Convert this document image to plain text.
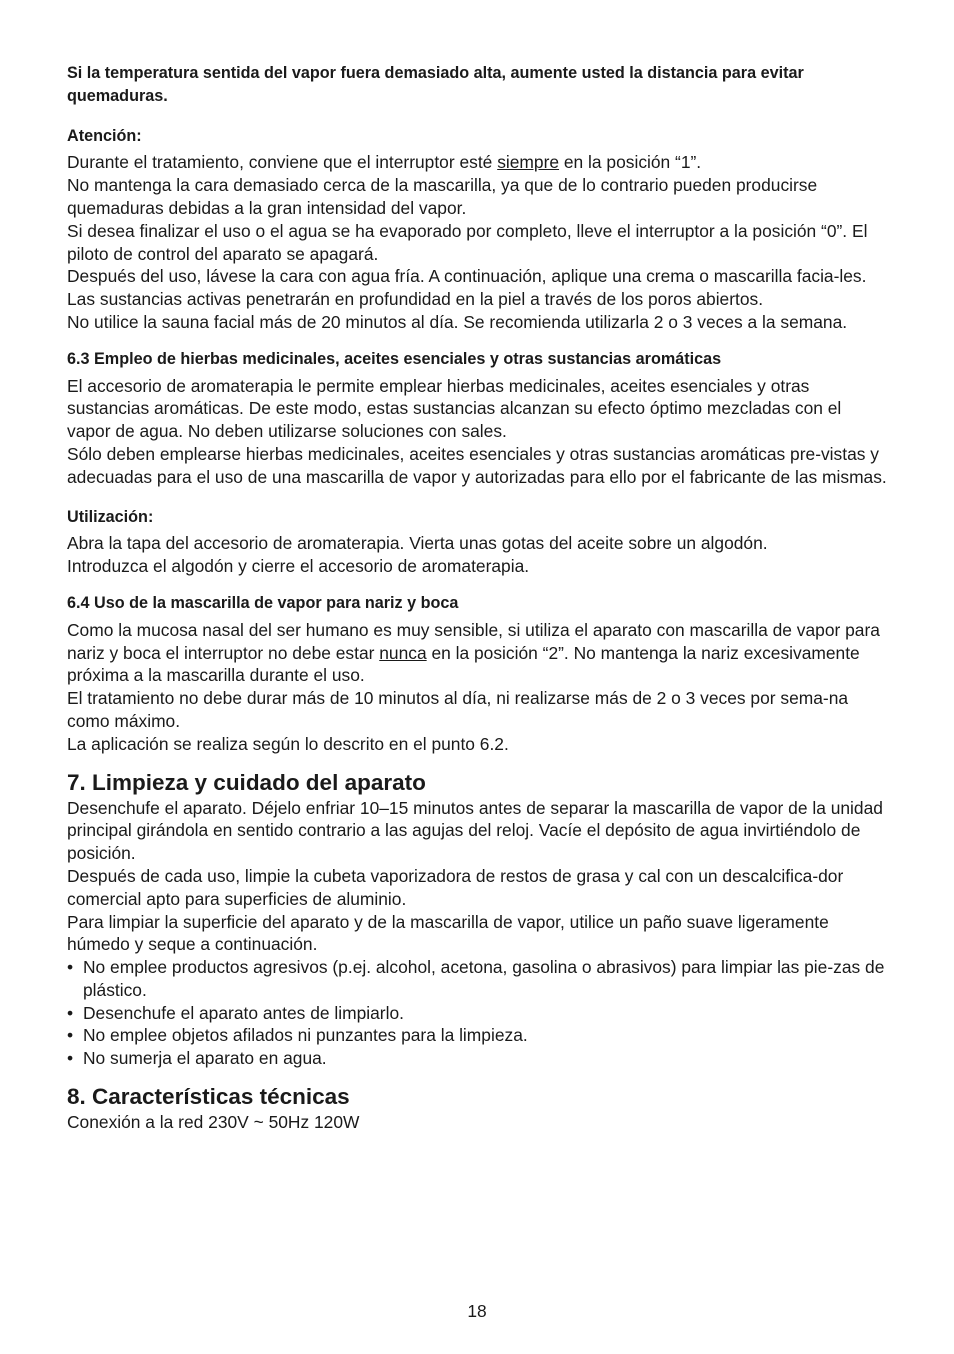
Si la temperatura sentida del vapor fuera demasiado alta, aumente usted la distancia para evitar quemaduras.

Atención:

Durante el tratamiento, conviene que el interruptor esté siempre en la posición “1”.

No mantenga la cara demasiado cerca de la mascarilla, ya que de lo contrario pueden producirse quemaduras debidas a la gran intensidad del vapor.

Si desea finalizar el uso o el agua se ha evaporado por completo, lleve el interruptor a la posición “0”. El piloto de control del aparato se apagará.

Después del uso, lávese la cara con agua fría. A continuación, aplique una crema o mascarilla facia-les. Las sustancias activas penetrarán en profundidad en la piel a través de los poros abiertos.

No utilice la sauna facial más de 20 minutos al día. Se recomienda utilizarla 2 o 3 veces a la semana.

6.3 Empleo de hierbas medicinales, aceites esenciales y otras sustancias aromáticas

El accesorio de aromaterapia le permite emplear hierbas medicinales, aceites esenciales y otras sustancias aromáticas. De este modo, estas sustancias alcanzan su efecto óptimo mezcladas con el vapor de agua. No deben utilizarse soluciones con sales.

Sólo deben emplearse hierbas medicinales, aceites esenciales y otras sustancias aromáticas pre-vistas y adecuadas para el uso de una mascarilla de vapor y autorizadas para ello por el fabricante de las mismas.

Utilización:

Abra la tapa del accesorio de aromaterapia. Vierta unas gotas del aceite sobre un algodón.

Introduzca el algodón y cierre el accesorio de aromaterapia.

6.4 Uso de la mascarilla de vapor para nariz y boca

Como la mucosa nasal del ser humano es muy sensible, si utiliza el aparato con mascarilla de vapor para nariz y boca el interruptor no debe estar nunca en la posición “2”. No mantenga la nariz excesivamente próxima a la mascarilla durante el uso.

El tratamiento no debe durar más de 10 minutos al día, ni realizarse más de 2 o 3 veces por sema-na como máximo.

La aplicación se realiza según lo descrito en el punto 6.2.

7. Limpieza y cuidado del aparato

Desenchufe el aparato. Déjelo enfriar 10–15 minutos antes de separar la mascarilla de vapor de la unidad principal girándola en sentido contrario a las agujas del reloj. Vacíe el depósito de agua invirtiéndolo de posición.

Después de cada uso, limpie la cubeta vaporizadora de restos de grasa y cal con un descalcifica-dor comercial apto para superficies de aluminio.

Para limpiar la superficie del aparato y de la mascarilla de vapor, utilice un paño suave ligeramente húmedo y seque a continuación.

• No emplee productos agresivos (p.ej. alcohol, acetona, gasolina o abrasivos) para limpiar las pie-zas de plástico.

• Desenchufe el aparato antes de limpiarlo.

• No emplee objetos afilados ni punzantes para la limpieza.

• No sumerja el aparato en agua.

8. Características técnicas

Conexión a la red 230V ~ 50Hz 120W

18
